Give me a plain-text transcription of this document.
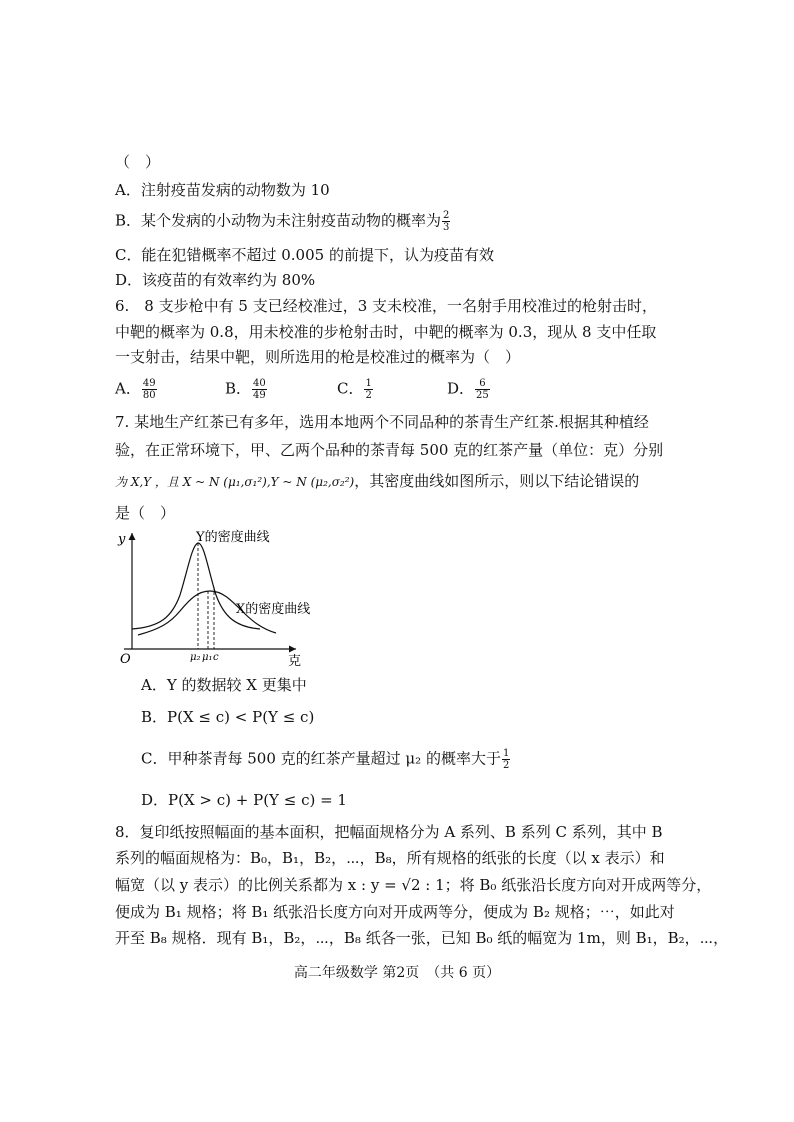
（　）
A．注射疫苗发病的动物数为 10
B．某个发病的小动物为未注射疫苗动物的概率为 $\frac{2}{3}$
C．能在犯错概率不超过 0.005 的前提下，认为疫苗有效
D．该疫苗的有效率约为 80%
6.　8 支步枪中有 5 支已经校准过，3 支未校准，一名射手用校准过的枪射击时，
中靶的概率为 0.8，用未校准的步枪射击时，中靶的概率为 0.3，现从 8 支中任取
一支射击，结果中靶，则所选用的枪是校准过的概率为（　）
A． $\frac{49}{80}$	B． $\frac{40}{49}$	C． $\frac{1}{2}$	D． $\frac{6}{25}$
7. 某地生产红茶已有多年，选用本地两个不同品种的茶青生产红茶.根据其种植经
验，在正常环境下，甲、乙两个品种的茶青每 500 克的红茶产量（单位：克）分别
为 X,Y ，且 X ~ N (μ₁,σ₁²),Y ~ N (μ₂,σ₂²)，其密度曲线如图所示，则以下结论错误的
是（　）
y
O	克
μ₂ μ₁ c
Y的密度曲线
X的密度曲线
A．Y 的数据较 X 更集中
B．P(X ≤ c) < P(Y ≤ c)
C．甲种茶青每 500 克的红茶产量超过 μ₂ 的概率大于 $\frac{1}{2}$
D．P(X > c) + P(Y ≤ c) = 1
8．复印纸按照幅面的基本面积，把幅面规格分为 A 系列、B 系列 C 系列，其中 B
系列的幅面规格为：B₀，B₁，B₂，⋯，B₈，所有规格的纸张的长度（以 x 表示）和
幅宽（以 y 表示）的比例关系都为 x : y = √2 : 1；将 B₀ 纸张沿长度方向对开成两等分，
便成为 B₁ 规格；将 B₁ 纸张沿长度方向对开成两等分，便成为 B₂ 规格；⋯，如此对
开至 B₈ 规格．现有 B₁，B₂，⋯，B₈ 纸各一张，已知 B₀ 纸的幅宽为 1m，则 B₁，B₂，⋯，
高二年级数学 第2页　（共 6 页）
